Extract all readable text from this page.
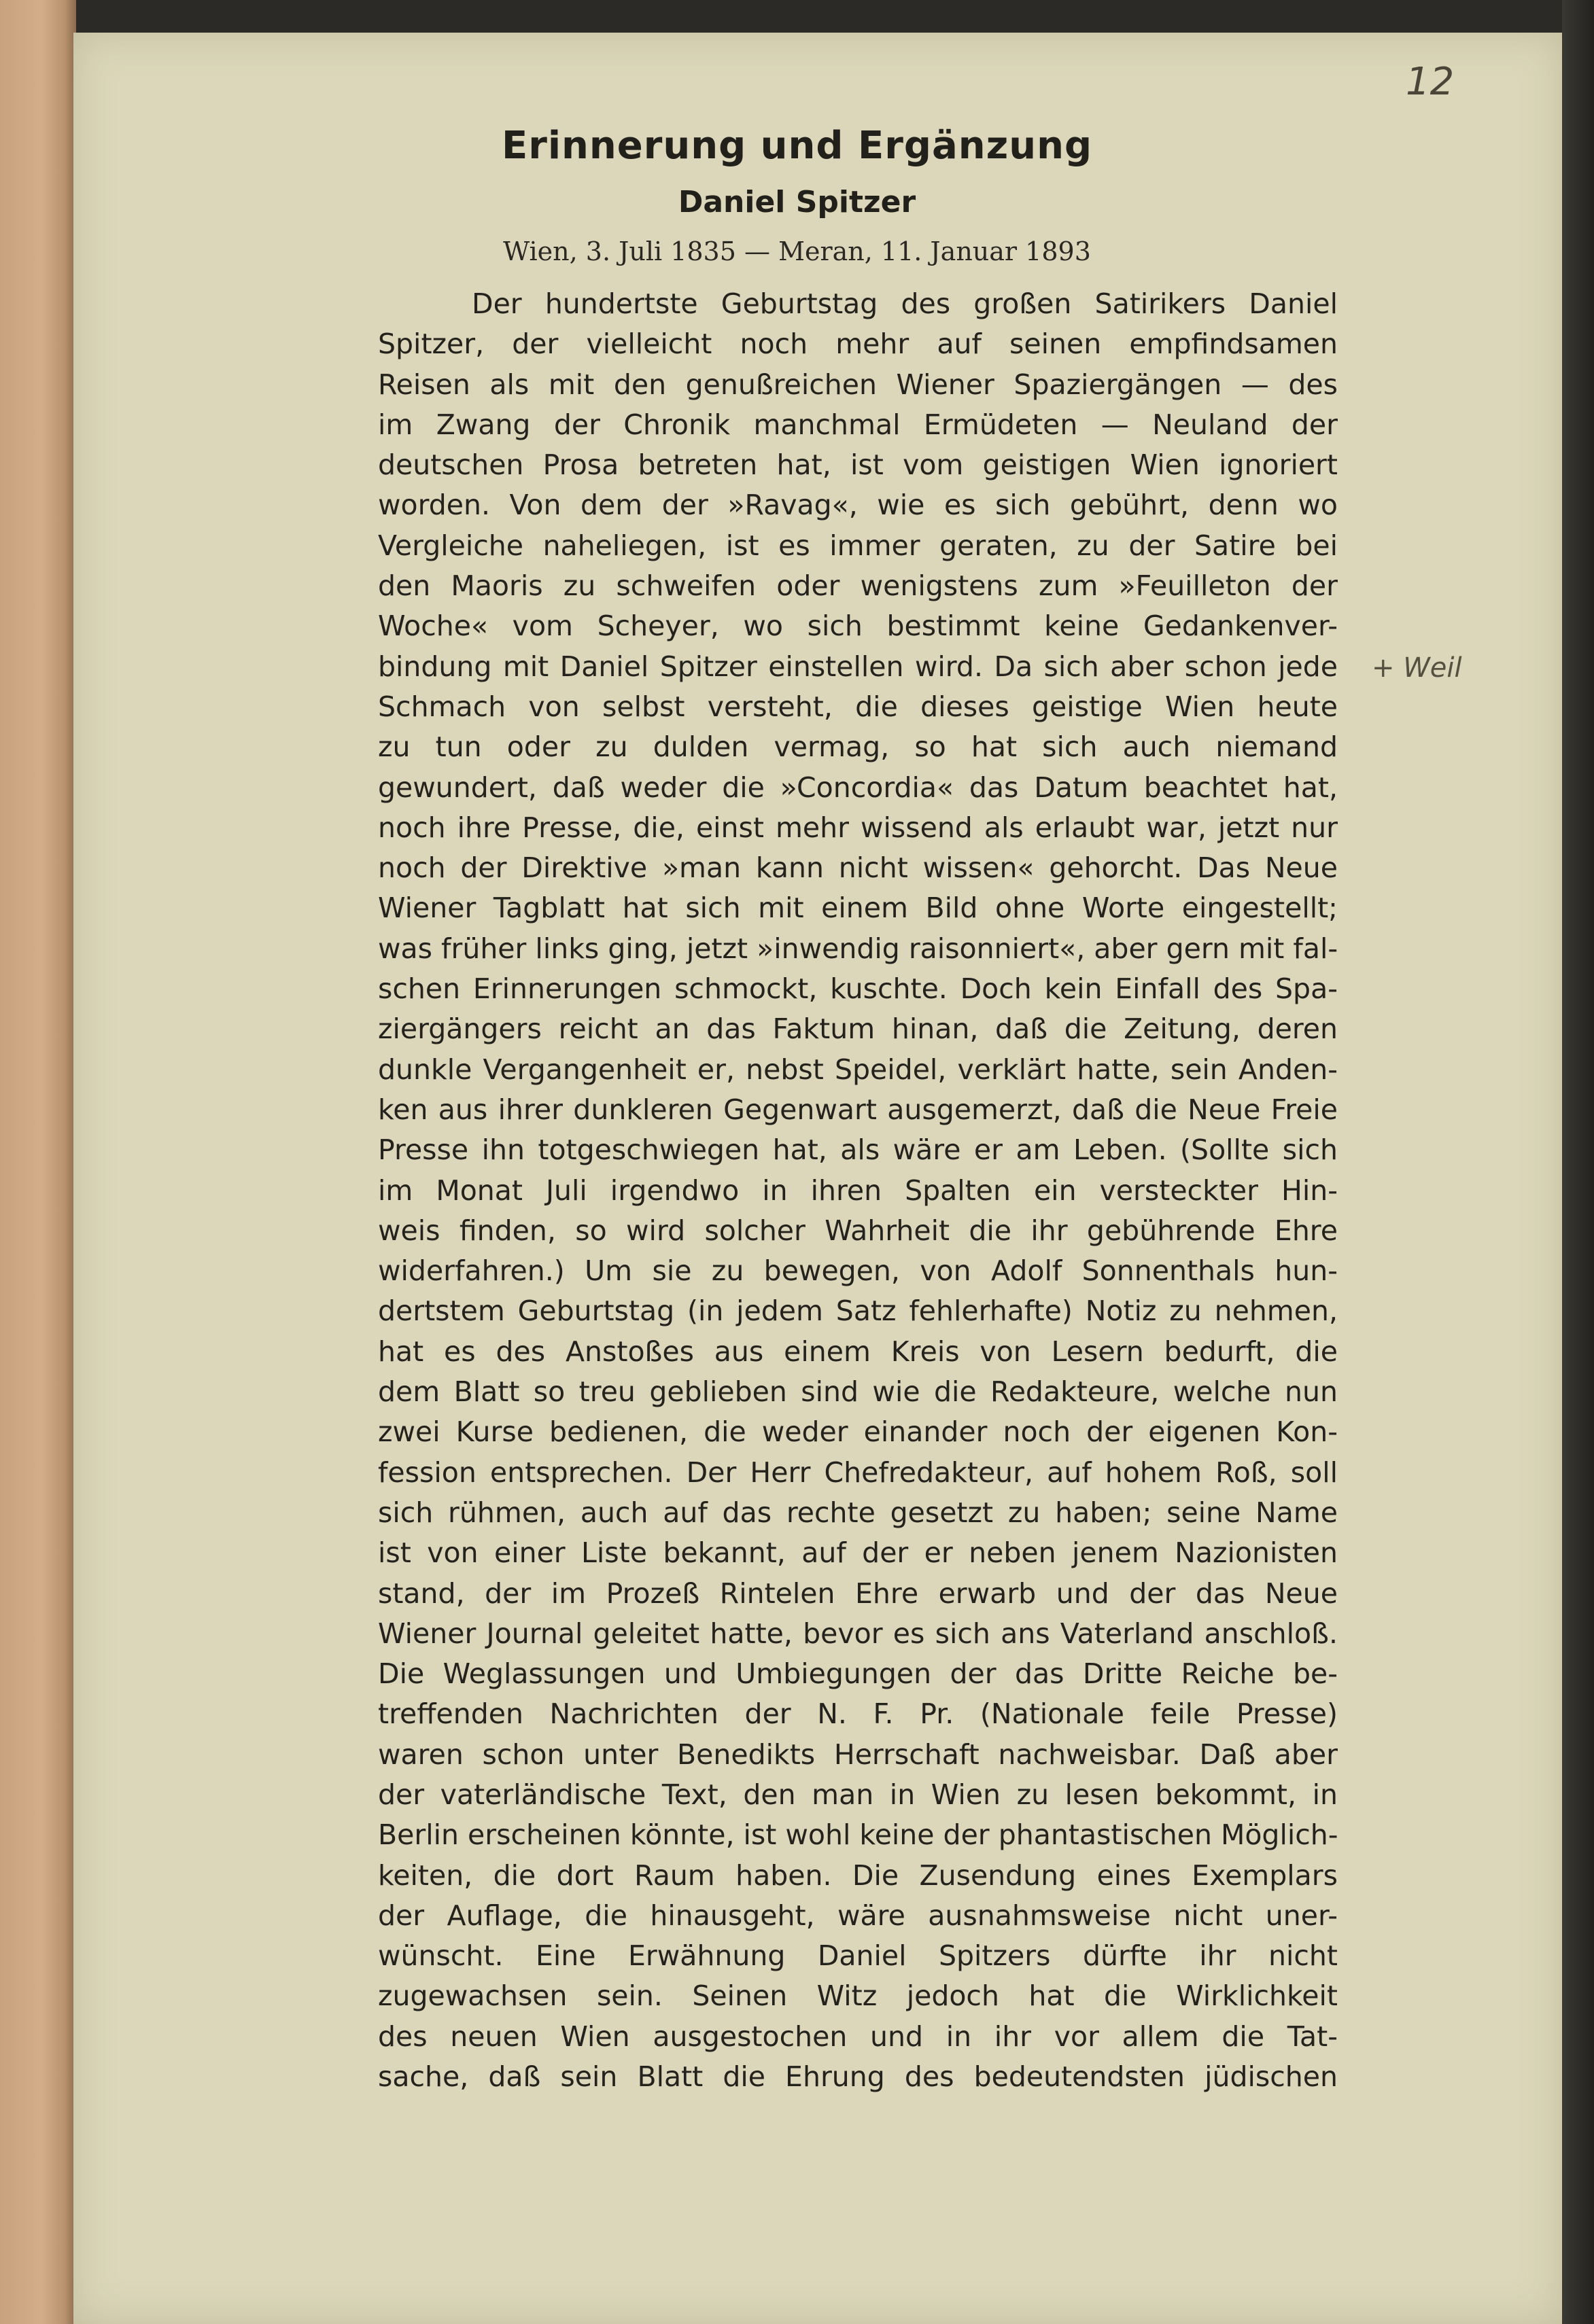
12

+ Weil

Erinnerung und Ergänzung
Daniel Spitzer

Wien, 3. Juli 1835 — Meran, 11. Januar 1893

Der hundertste Geburtstag des großen Satirikers Daniel
Spitzer, der vielleicht noch mehr auf seinen empfindsamen
Reisen als mit den genußreichen Wiener Spaziergängen — des
im Zwang der Chronik manchmal Ermüdeten — Neuland der
deutschen Prosa betreten hat, ist vom geistigen Wien ignoriert
worden. Von dem der »Ravag«, wie es sich gebührt, denn wo
Vergleiche naheliegen, ist es immer geraten, zu der Satire bei
den Maoris zu schweifen oder wenigstens zum »Feuilleton der
Woche« vom Scheyer, wo sich bestimmt keine Gedankenver-
bindung mit Daniel Spitzer einstellen wird. Da sich aber schon jede
Schmach von selbst versteht, die dieses geistige Wien heute
zu tun oder zu dulden vermag, so hat sich auch niemand
gewundert, daß weder die »Concordia« das Datum beachtet hat,
noch ihre Presse, die, einst mehr wissend als erlaubt war, jetzt nur
noch der Direktive »man kann nicht wissen« gehorcht. Das Neue
Wiener Tagblatt hat sich mit einem Bild ohne Worte eingestellt;
was früher links ging, jetzt »inwendig raisonniert«, aber gern mit fal-
schen Erinnerungen schmockt, kuschte. Doch kein Einfall des Spa-
ziergängers reicht an das Faktum hinan, daß die Zeitung, deren
dunkle Vergangenheit er, nebst Speidel, verklärt hatte, sein Anden-
ken aus ihrer dunkleren Gegenwart ausgemerzt, daß die Neue Freie
Presse ihn totgeschwiegen hat, als wäre er am Leben. (Sollte sich
im Monat Juli irgendwo in ihren Spalten ein versteckter Hin-
weis finden, so wird solcher Wahrheit die ihr gebührende Ehre
widerfahren.) Um sie zu bewegen, von Adolf Sonnenthals hun-
dertstem Geburtstag (in jedem Satz fehlerhafte) Notiz zu nehmen,
hat es des Anstoßes aus einem Kreis von Lesern bedurft, die
dem Blatt so treu geblieben sind wie die Redakteure, welche nun
zwei Kurse bedienen, die weder einander noch der eigenen Kon-
fession entsprechen. Der Herr Chefredakteur, auf hohem Roß, soll
sich rühmen, auch auf das rechte gesetzt zu haben; seine Name
ist von einer Liste bekannt, auf der er neben jenem Nazionisten
stand, der im Prozeß Rintelen Ehre erwarb und der das Neue
Wiener Journal geleitet hatte, bevor es sich ans Vaterland anschloß.
Die Weglassungen und Umbiegungen der das Dritte Reiche be-
treffenden Nachrichten der N. F. Pr. (Nationale feile Presse)
waren schon unter Benedikts Herrschaft nachweisbar. Daß aber
der vaterländische Text, den man in Wien zu lesen bekommt, in
Berlin erscheinen könnte, ist wohl keine der phantastischen Möglich-
keiten, die dort Raum haben. Die Zusendung eines Exemplars
der Auflage, die hinausgeht, wäre ausnahmsweise nicht uner-
wünscht. Eine Erwähnung Daniel Spitzers dürfte ihr nicht
zugewachsen sein. Seinen Witz jedoch hat die Wirklichkeit
des neuen Wien ausgestochen und in ihr vor allem die Tat-
sache, daß sein Blatt die Ehrung des bedeutendsten jüdischen
